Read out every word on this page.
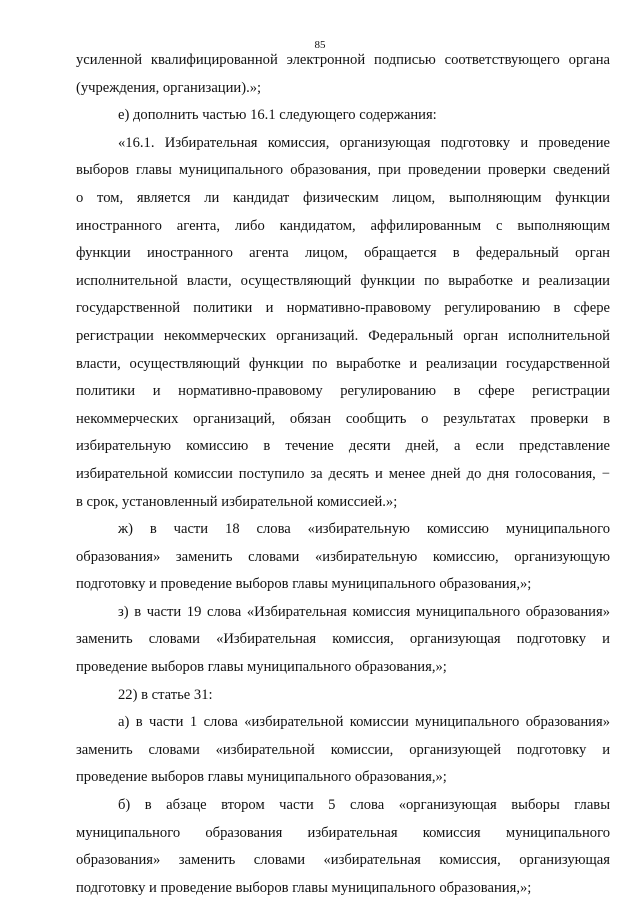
85
усиленной квалифицированной электронной подписью соответствующего органа
(учреждения, организации).»;
е) дополнить частью 16.1 следующего содержания:
«16.1. Избирательная комиссия, организующая подготовку и проведение
выборов главы муниципального образования, при проведении проверки сведений
о том, является ли кандидат физическим лицом, выполняющим функции
иностранного агента, либо кандидатом, аффилированным с выполняющим
функции иностранного агента лицом, обращается в федеральный орган
исполнительной власти, осуществляющий функции по выработке и реализации
государственной политики и нормативно-правовому регулированию в сфере
регистрации некоммерческих организаций. Федеральный орган исполнительной
власти, осуществляющий функции по выработке и реализации государственной
политики и нормативно-правовому регулированию в сфере регистрации
некоммерческих организаций, обязан сообщить о результатах проверки в
избирательную комиссию в течение десяти дней, а если представление
избирательной комиссии поступило за десять и менее дней до дня голосования, −
в срок, установленный избирательной комиссией.»;
ж) в части 18 слова «избирательную комиссию муниципального
образования» заменить словами «избирательную комиссию, организующую
подготовку и проведение выборов главы муниципального образования,»;
з) в части 19 слова «Избирательная комиссия муниципального образования»
заменить словами «Избирательная комиссия, организующая подготовку и
проведение выборов главы муниципального образования,»;
22) в статье 31:
а) в части 1 слова «избирательной комиссии муниципального образования»
заменить словами «избирательной комиссии, организующей подготовку и
проведение выборов главы муниципального образования,»;
б) в абзаце втором части 5 слова «организующая выборы главы
муниципального образования избирательная комиссия муниципального
образования» заменить словами «избирательная комиссия, организующая
подготовку и проведение выборов главы муниципального образования,»;
